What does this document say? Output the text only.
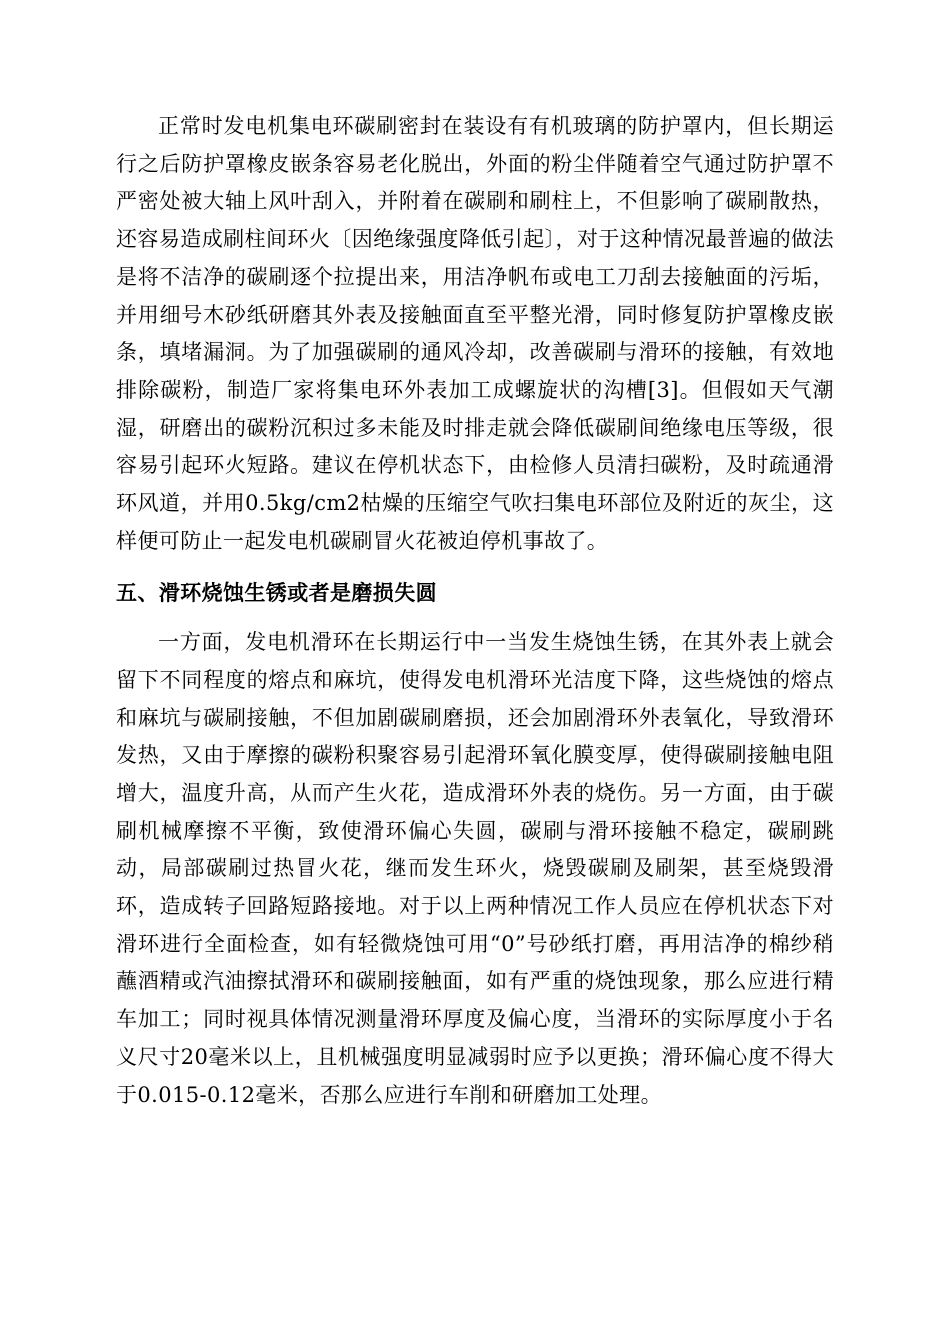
正常时发电机集电环碳刷密封在装设有有机玻璃的防护罩内，但长期运行之后防护罩橡皮嵌条容易老化脱出，外面的粉尘伴随着空气通过防护罩不严密处被大轴上风叶刮入，并附着在碳刷和刷柱上，不但影响了碳刷散热，还容易造成刷柱间环火〔因绝缘强度降低引起〕，对于这种情况最普遍的做法是将不洁净的碳刷逐个拉提出来，用洁净帆布或电工刀刮去接触面的污垢，并用细号木砂纸研磨其外表及接触面直至平整光滑，同时修复防护罩橡皮嵌条，填堵漏洞。为了加强碳刷的通风冷却，改善碳刷与滑环的接触，有效地排除碳粉，制造厂家将集电环外表加工成螺旋状的沟槽[3]。但假如天气潮湿，研磨出的碳粉沉积过多未能及时排走就会降低碳刷间绝缘电压等级，很容易引起环火短路。建议在停机状态下，由检修人员清扫碳粉，及时疏通滑环风道，并用0.5kg/cm2枯燥的压缩空气吹扫集电环部位及附近的灰尘，这样便可防止一起发电机碳刷冒火花被迫停机事故了。

五、滑环烧蚀生锈或者是磨损失圆

一方面，发电机滑环在长期运行中一当发生烧蚀生锈，在其外表上就会留下不同程度的熔点和麻坑，使得发电机滑环光洁度下降，这些烧蚀的熔点和麻坑与碳刷接触，不但加剧碳刷磨损，还会加剧滑环外表氧化，导致滑环发热，又由于摩擦的碳粉积聚容易引起滑环氧化膜变厚，使得碳刷接触电阻增大，温度升高，从而产生火花，造成滑环外表的烧伤。另一方面，由于碳刷机械摩擦不平衡，致使滑环偏心失圆，碳刷与滑环接触不稳定，碳刷跳动，局部碳刷过热冒火花，继而发生环火，烧毁碳刷及刷架，甚至烧毁滑环，造成转子回路短路接地。对于以上两种情况工作人员应在停机状态下对滑环进行全面检查，如有轻微烧蚀可用“0”号砂纸打磨，再用洁净的棉纱稍蘸酒精或汽油擦拭滑环和碳刷接触面，如有严重的烧蚀现象，那么应进行精车加工；同时视具体情况测量滑环厚度及偏心度，当滑环的实际厚度小于名义尺寸20毫米以上，且机械强度明显减弱时应予以更换；滑环偏心度不得大于0.015-0.12毫米，否那么应进行车削和研磨加工处理。
